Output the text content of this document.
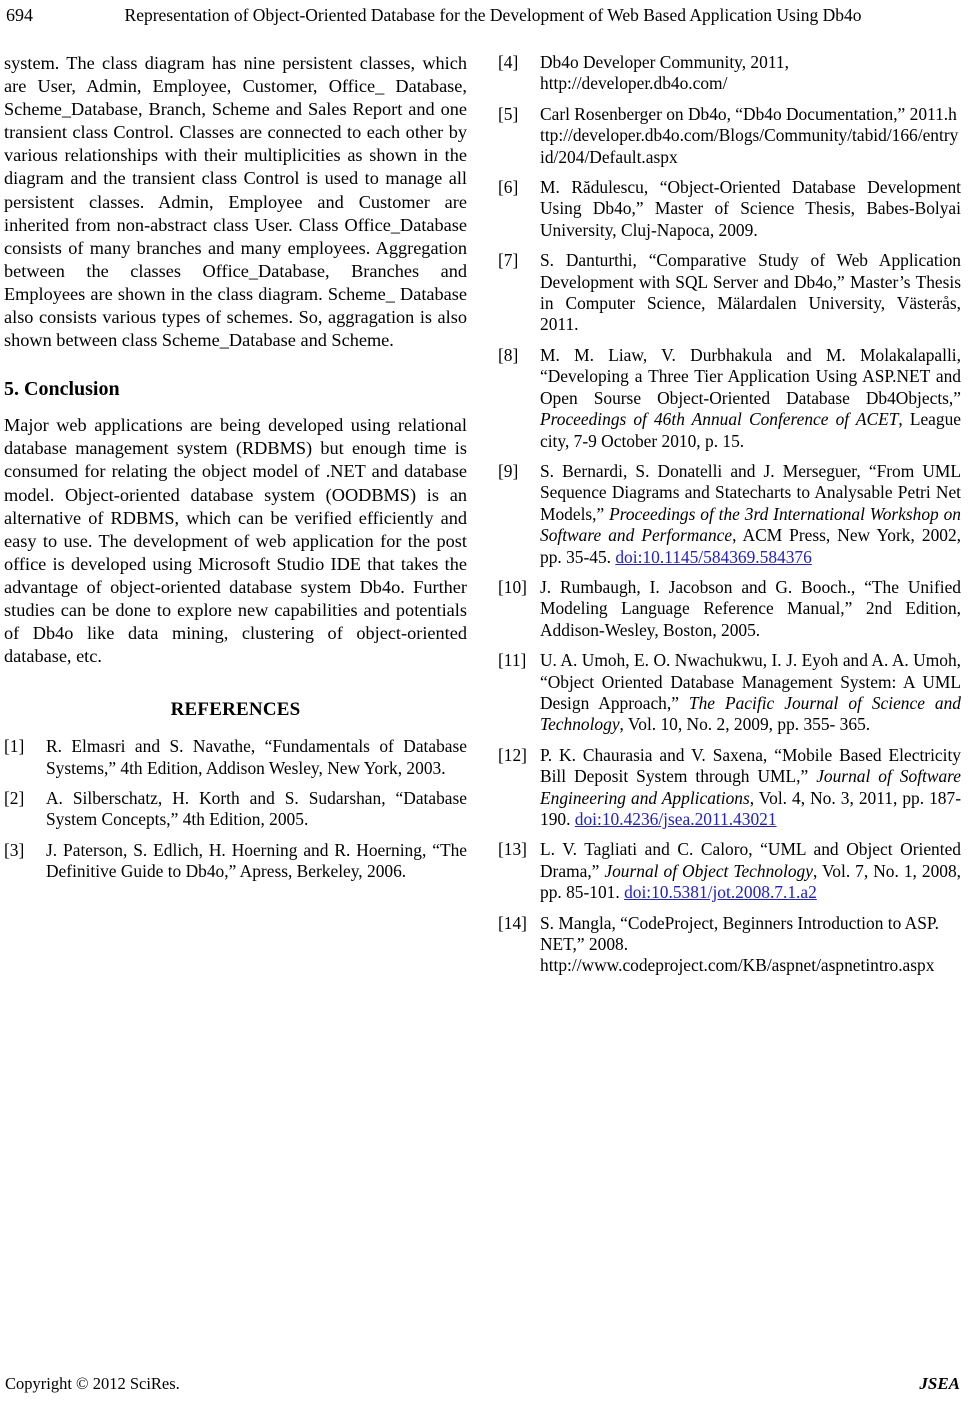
694	Representation of Object-Oriented Database for the Development of Web Based Application Using Db4o

system. The class diagram has nine persistent classes, which are User, Admin, Employee, Customer, Office_ Database, Scheme_Database, Branch, Scheme and Sales Report and one transient class Control. Classes are connected to each other by various relationships with their multiplicities as shown in the diagram and the transient class Control is used to manage all persistent classes. Admin, Employee and Customer are inherited from non-abstract class User. Class Office_Database consists of many branches and many employees. Aggregation between the classes Office_Database, Branches and Employees are shown in the class diagram. Scheme_ Database also consists various types of schemes. So, aggragation is also shown between class Scheme_Database and Scheme.

5. Conclusion

Major web applications are being developed using relational database management system (RDBMS) but enough time is consumed for relating the object model of .NET and database model. Object-oriented database system (OODBMS) is an alternative of RDBMS, which can be verified efficiently and easy to use. The development of web application for the post office is developed using Microsoft Studio IDE that takes the advantage of object-oriented database system Db4o. Further studies can be done to explore new capabilities and potentials of Db4o like data mining, clustering of object-oriented database, etc.

REFERENCES
[1]	R. Elmasri and S. Navathe, “Fundamentals of Database Systems,” 4th Edition, Addison Wesley, New York, 2003.
[2]	A. Silberschatz, H. Korth and S. Sudarshan, “Database System Concepts,” 4th Edition, 2005.
[3]	J. Paterson, S. Edlich, H. Hoerning and R. Hoerning, “The Definitive Guide to Db4o,” Apress, Berkeley, 2006.
[4]	Db4o Developer Community, 2011,
http://developer.db4o.com/
[5]	Carl Rosenberger on Db4o, “Db4o Documentation,” 2011.http://developer.db4o.com/Blogs/Community/tabid/166/entryid/204/Default.aspx
[6]	M. Rădulescu, “Object-Oriented Database Development Using Db4o,” Master of Science Thesis, Babes-Bolyai University, Cluj-Napoca, 2009.
[7]	S. Danturthi, “Comparative Study of Web Application Development with SQL Server and Db4o,” Master’s Thesis in Computer Science, Mälardalen University, Västerås, 2011.
[8]	M. M. Liaw, V. Durbhakula and M. Molakalapalli, “Developing a Three Tier Application Using ASP.NET and Open Sourse Object-Oriented Database Db4Objects,” Proceedings of 46th Annual Conference of ACET, League city, 7-9 October 2010, p. 15.
[9]	S. Bernardi, S. Donatelli and J. Merseguer, “From UML Sequence Diagrams and Statecharts to Analysable Petri Net Models,” Proceedings of the 3rd International Workshop on Software and Performance, ACM Press, New York, 2002, pp. 35-45. doi:10.1145/584369.584376
[10] J. Rumbaugh, I. Jacobson and G. Booch., “The Unified Modeling Language Reference Manual,” 2nd Edition, Addison-Wesley, Boston, 2005.
[11] U. A. Umoh, E. O. Nwachukwu, I. J. Eyoh and A. A. Umoh, “Object Oriented Database Management System: A UML Design Approach,” The Pacific Journal of Science and Technology, Vol. 10, No. 2, 2009, pp. 355- 365.
[12] P. K. Chaurasia and V. Saxena, “Mobile Based Electricity Bill Deposit System through UML,” Journal of Software Engineering and Applications, Vol. 4, No. 3, 2011, pp. 187-190. doi:10.4236/jsea.2011.43021
[13] L. V. Tagliati and C. Caloro, “UML and Object Oriented Drama,” Journal of Object Technology, Vol. 7, No. 1, 2008, pp. 85-101. doi:10.5381/jot.2008.7.1.a2
[14] S. Mangla, “CodeProject, Beginners Introduction to ASP. NET,” 2008.
http://www.codeproject.com/KB/aspnet/aspnetintro.aspx
Copyright © 2012 SciRes.	JSEA
